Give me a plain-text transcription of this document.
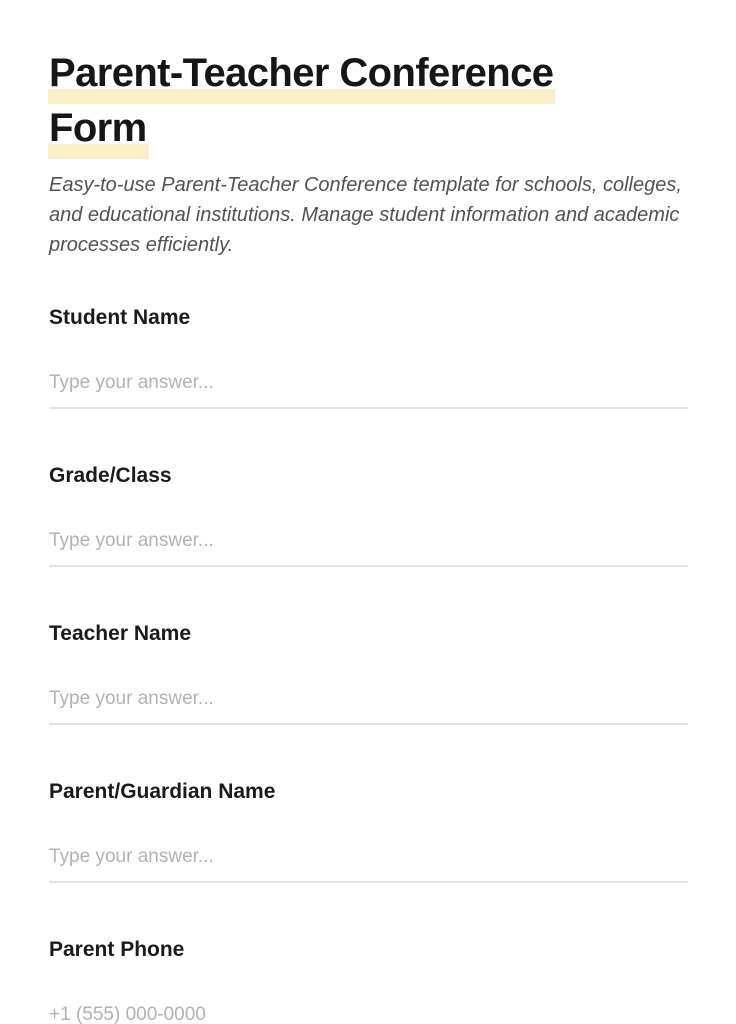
Parent-Teacher Conference
Form

Easy-to-use Parent-Teacher Conference template for schools, colleges, and educational institutions. Manage student information and academic processes efficiently.

Student Name
Type your answer...
Grade/Class
Type your answer...
Teacher Name
Type your answer...
Parent/Guardian Name
Type your answer...
Parent Phone
+1 (555) 000-0000
